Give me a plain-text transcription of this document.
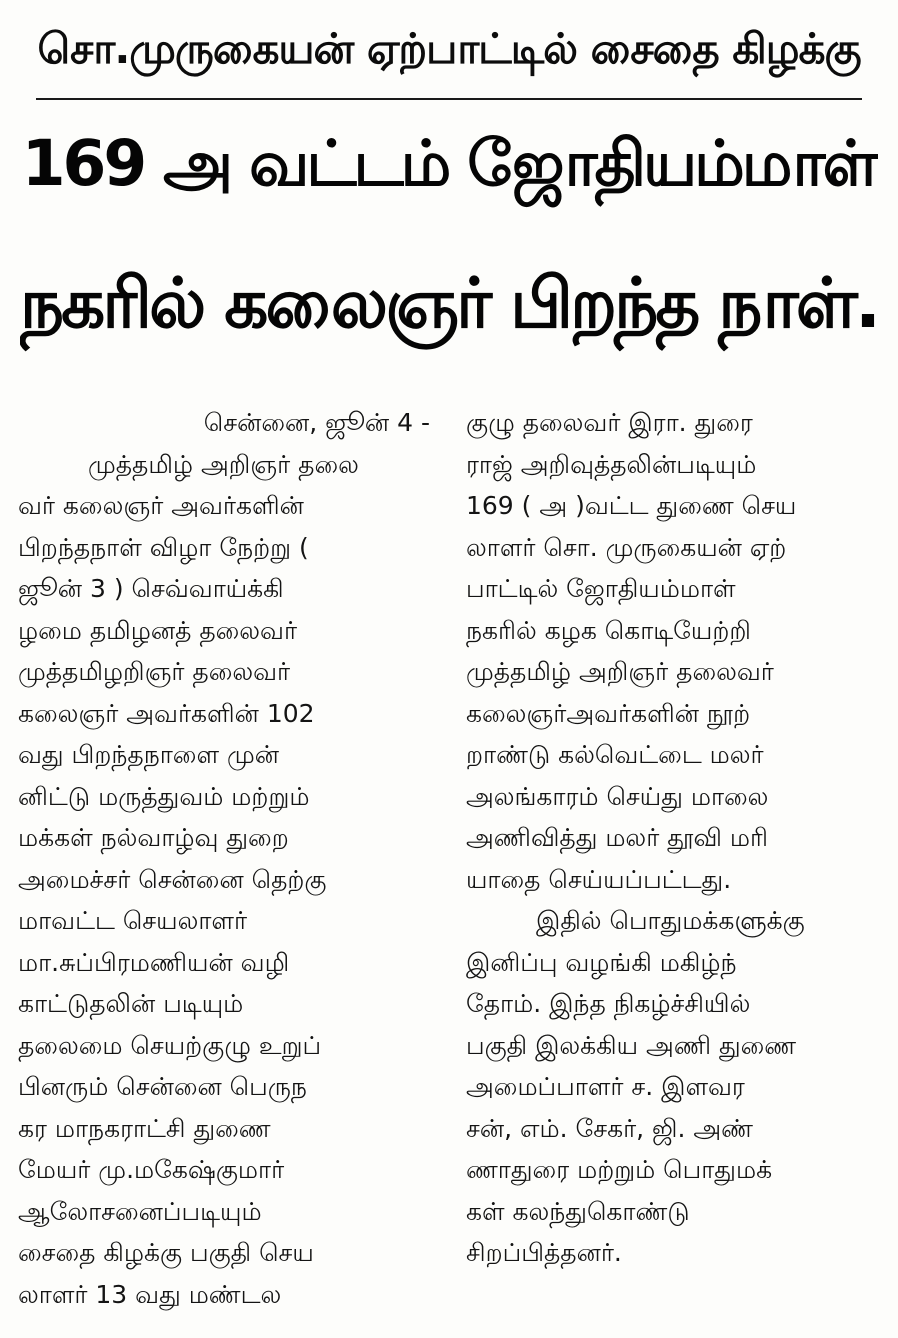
சொ.முருகையன் ஏற்பாட்டில் சைதை கிழக்கு
169 அ வட்டம் ஜோதியம்மாள்
நகரில் கலைஞர் பிறந்த நாள்.
சென்னை, ஜூன் 4 -
முத்தமிழ் அறிஞர் தலை
வர் கலைஞர் அவர்களின்
பிறந்தநாள் விழா நேற்று (
ஜூன் 3 ) செவ்வாய்க்கி
ழமை தமிழனத் தலைவர்
முத்தமிழறிஞர் தலைவர்
கலைஞர் அவர்களின் 102
வது பிறந்தநாளை முன்
னிட்டு மருத்துவம் மற்றும்
மக்கள் நல்வாழ்வு துறை
அமைச்சர் சென்னை தெற்கு
மாவட்ட செயலாளர்
மா.சுப்பிரமணியன் வழி
காட்டுதலின் படியும்
தலைமை செயற்குழு உறுப்
பினரும் சென்னை பெருந
கர மாநகராட்சி துணை
மேயர் மு.மகேஷ்குமார்
ஆலோசனைப்படியும்
சைதை கிழக்கு பகுதி செய
லாளர் 13 வது மண்டல
குழு தலைவர் இரா. துரை
ராஜ் அறிவுத்தலின்படியும்
169 ( அ )வட்ட துணை செய
லாளர் சொ. முருகையன் ஏற்
பாட்டில் ஜோதியம்மாள்
நகரில் கழக கொடியேற்றி
முத்தமிழ் அறிஞர் தலைவர்
கலைஞர்அவர்களின் நூற்
றாண்டு கல்வெட்டை மலர்
அலங்காரம் செய்து மாலை
அணிவித்து மலர் தூவி மரி
யாதை செய்யப்பட்டது.
இதில் பொதுமக்களுக்கு
இனிப்பு வழங்கி மகிழ்ந்
தோம். இந்த நிகழ்ச்சியில்
பகுதி இலக்கிய அணி துணை
அமைப்பாளர் ச. இளவர
சன், எம். சேகர், ஜி. அண்
ணாதுரை மற்றும் பொதுமக்
கள் கலந்துகொண்டு
சிறப்பித்தனர்.
